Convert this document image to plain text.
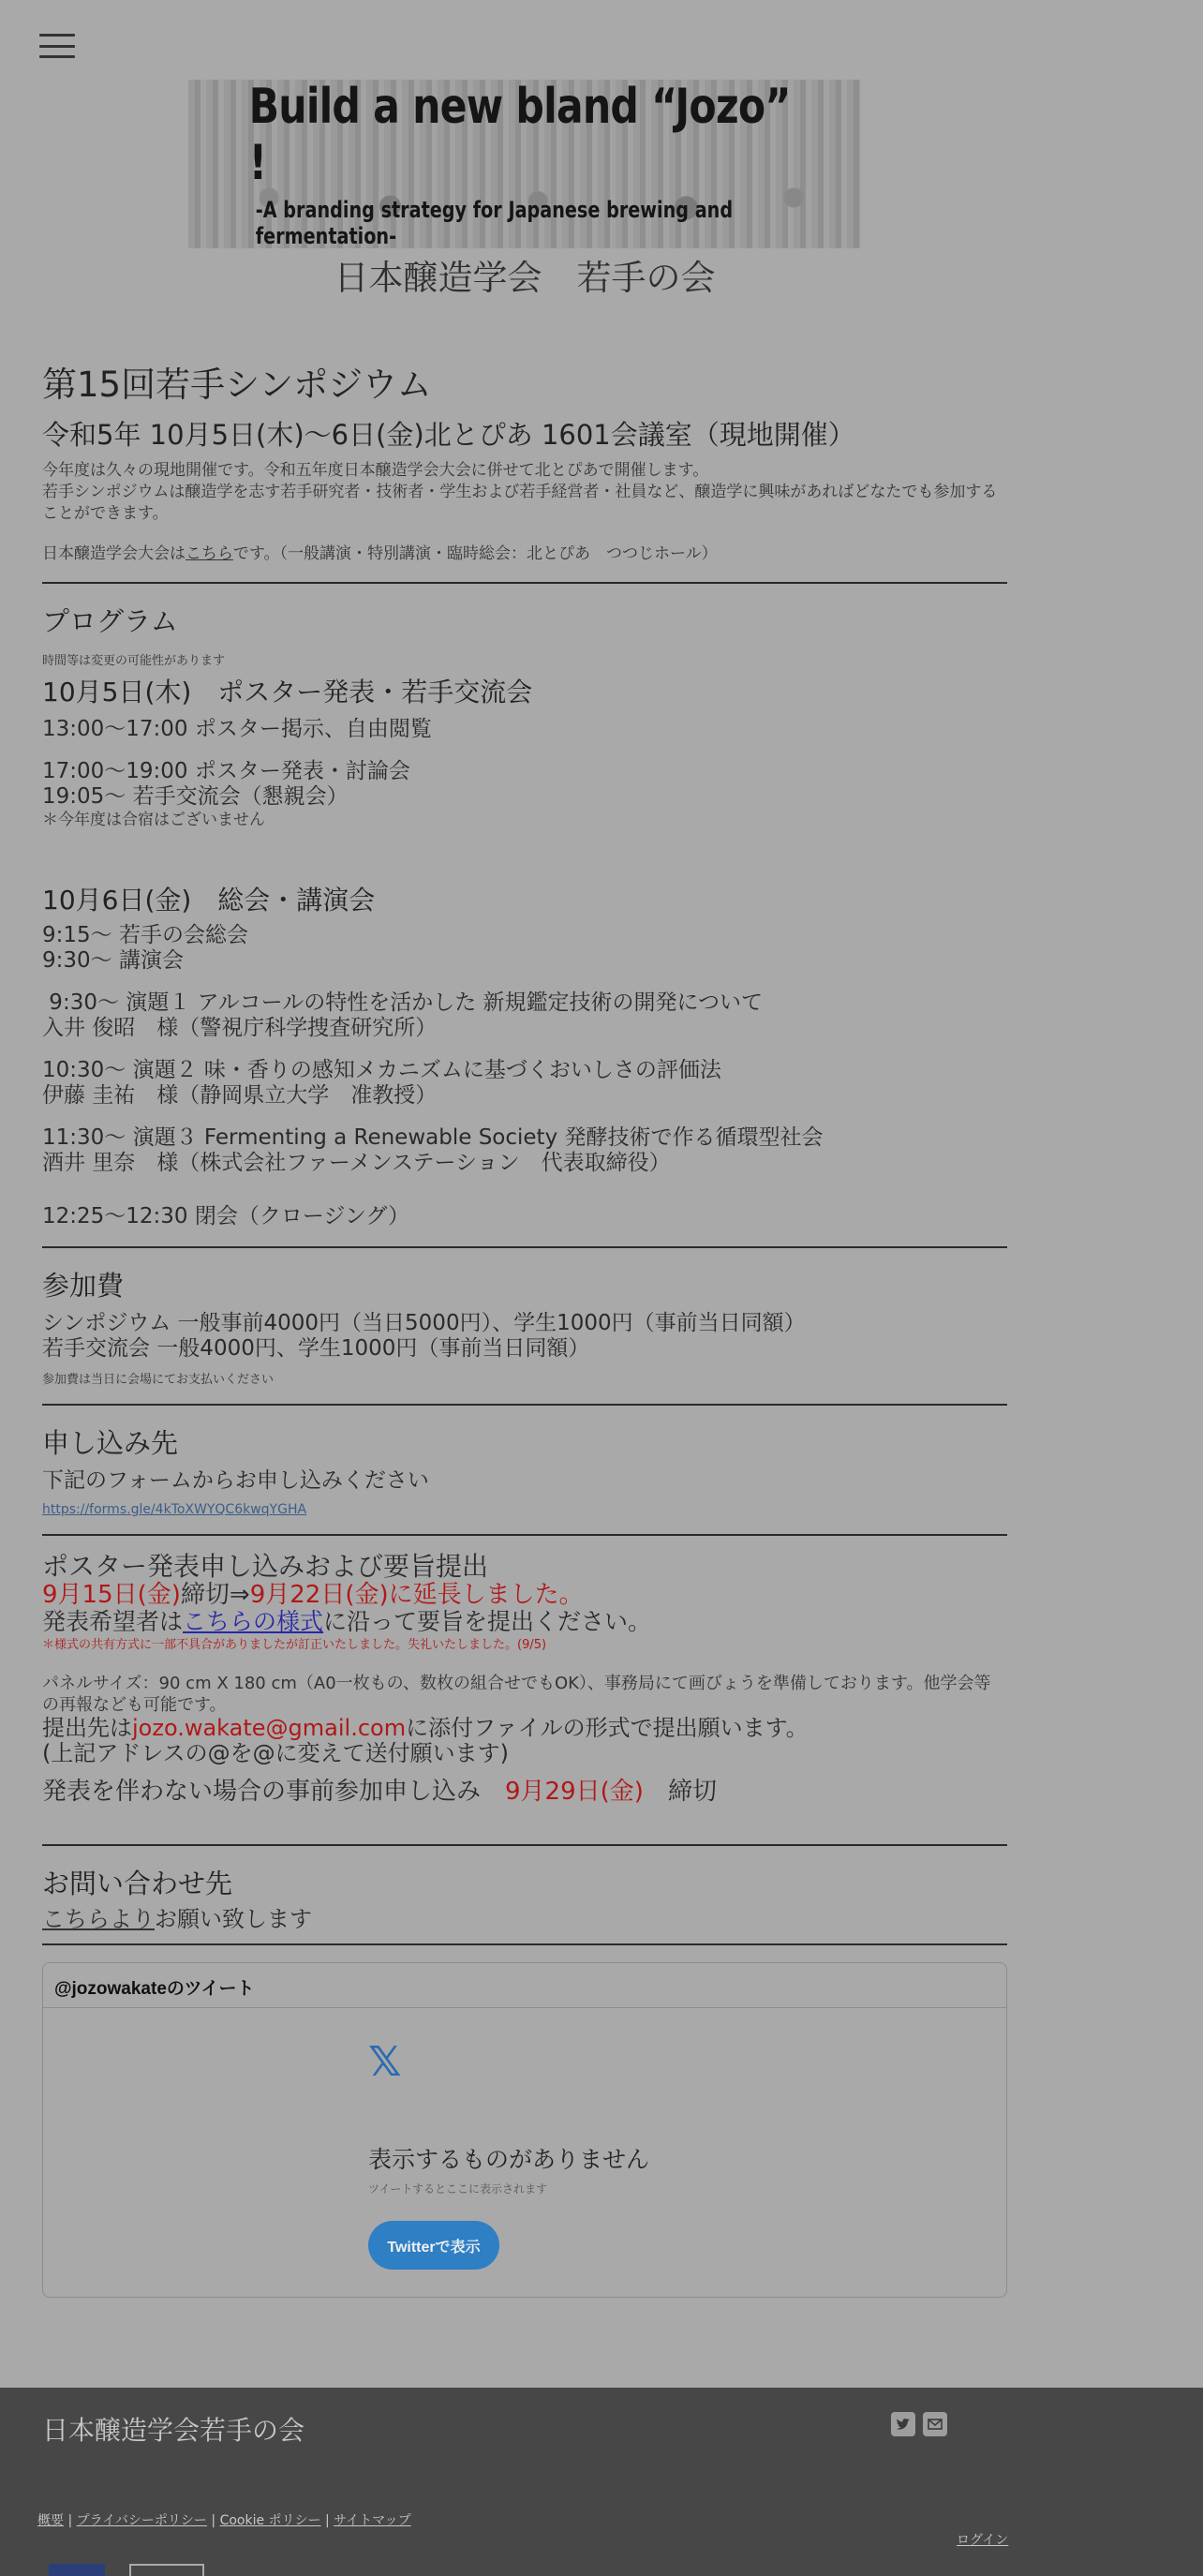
Build a new bland “Jozo” !
-A branding strategy for Japanese brewing and fermentation-
日本醸造学会　若手の会
第15回若手シンポジウム
令和5年 10月5日(木)〜6日(金)北とぴあ 1601会議室（現地開催）

今年度は久々の現地開催です。令和五年度日本醸造学会大会に併せて北とぴあで開催します。

若手シンポジウムは醸造学を志す若手研究者・技術者・学生および若手経営者・社員など、醸造学に興味があればどなたでも参加することができます。

日本醸造学会大会はこちらです。（一般講演・特別講演・臨時総会：北とぴあ　つつじホール）

プログラム
時間等は変更の可能性があります
10月5日(木)　ポスター発表・若手交流会
13:00〜17:00 ポスター掲示、自由閲覧
17:00〜19:00 ポスター発表・討論会
19:05〜 若手交流会（懇親会）
＊今年度は合宿はございません
10月6日(金)　総会・講演会
9:15〜 若手の会総会
9:30〜 講演会
9:30〜 演題１ アルコールの特性を活かした 新規鑑定技術の開発について
入井 俊昭　様（警視庁科学捜査研究所）
10:30〜 演題２ 味・香りの感知メカニズムに基づくおいしさの評価法
伊藤 圭祐　様（静岡県立大学　准教授）
11:30〜 演題３ Fermenting a Renewable Society 発酵技術で作る循環型社会
酒井 里奈　様（株式会社ファーメンステーション　代表取締役）
12:25〜12:30 閉会（クロージング）
参加費
シンポジウム 一般事前4000円（当日5000円）、学生1000円（事前当日同額）
若手交流会 一般4000円、学生1000円（事前当日同額）
参加費は当日に会場にてお支払いください
申し込み先
下記のフォームからお申し込みください
https://forms.gle/4kToXWYQC6kwqYGHA
ポスター発表申し込みおよび要旨提出
9月15日(金)締切⇒9月22日(金)に延長しました。
発表希望者はこちらの様式に沿って要旨を提出ください。
＊様式の共有方式に一部不具合がありましたが訂正いたしました。失礼いたしました。(9/5)
パネルサイズ：90 cm X 180 cm（A0一枚もの、数枚の組合せでもOK）、事務局にて画びょうを準備しております。他学会等の再報なども可能です。
提出先はjozo.wakate@gmail.comに添付ファイルの形式で提出願います。
(上記アドレスの@を@に変えて送付願います)
発表を伴わない場合の事前参加申し込み　9月29日(金)　締切
お問い合わせ先
こちらよりお願い致します
@jozowakateのツイート
𝕏
表示するものがありません
ツイートするとここに表示されます
Twitterで表示
日本醸造学会若手の会
概要 | プライバシーポリシー | Cookie ポリシー | サイトマップ
ログイン
